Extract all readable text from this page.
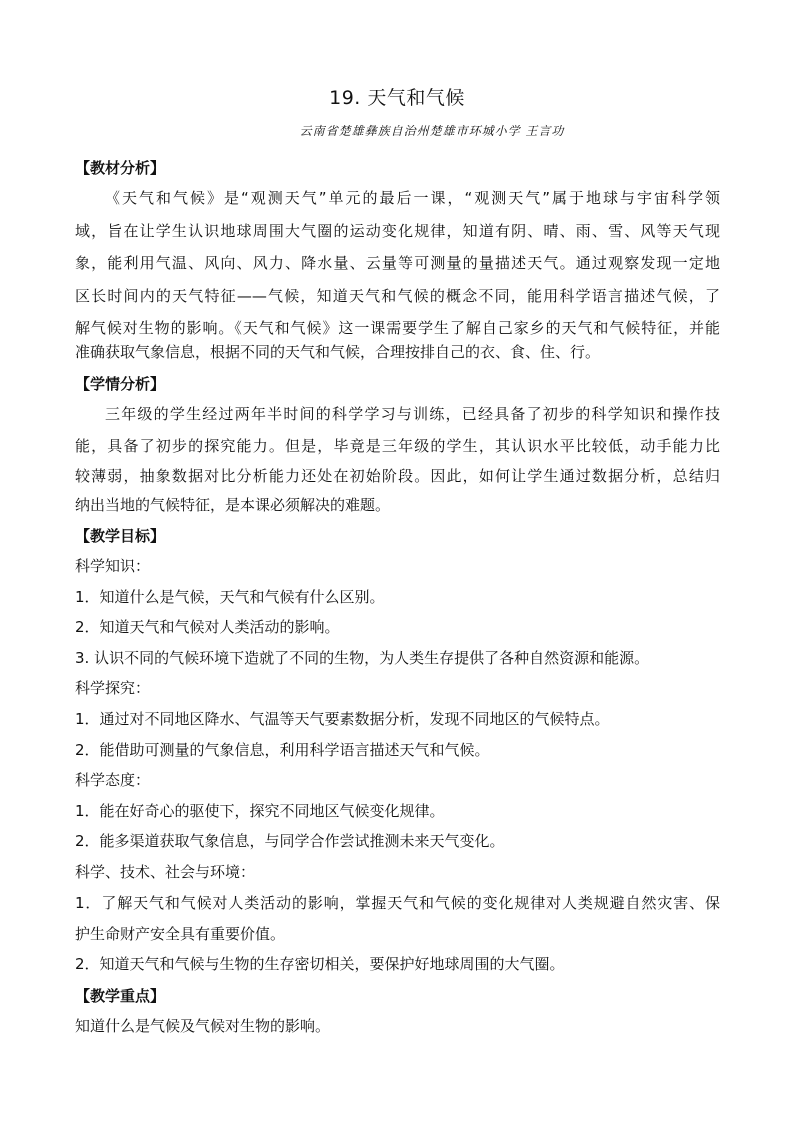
19. 天气和气候
云南省楚雄彝族自治州楚雄市环城小学 王言功
【教材分析】
《天气和气候》是“观测天气”单元的最后一课，“观测天气”属于地球与宇宙科学领
域，旨在让学生认识地球周围大气圈的运动变化规律，知道有阴、晴、雨、雪、风等天气现
象，能利用气温、风向、风力、降水量、云量等可测量的量描述天气。通过观察发现一定地
区长时间内的天气特征——气候，知道天气和气候的概念不同，能用科学语言描述气候，了
解气候对生物的影响。《天气和气候》这一课需要学生了解自己家乡的天气和气候特征，并能
准确获取气象信息，根据不同的天气和气候，合理按排自己的衣、食、住、行。
【学情分析】
三年级的学生经过两年半时间的科学学习与训练，已经具备了初步的科学知识和操作技
能，具备了初步的探究能力。但是，毕竟是三年级的学生，其认识水平比较低，动手能力比
较薄弱，抽象数据对比分析能力还处在初始阶段。因此，如何让学生通过数据分析，总结归
纳出当地的气候特征，是本课必须解决的难题。
【教学目标】
科学知识：
1．知道什么是气候，天气和气候有什么区别。
2．知道天气和气候对人类活动的影响。
3. 认识不同的气候环境下造就了不同的生物，为人类生存提供了各种自然资源和能源。
科学探究：
1．通过对不同地区降水、气温等天气要素数据分析，发现不同地区的气候特点。
2．能借助可测量的气象信息，利用科学语言描述天气和气候。
科学态度：
1．能在好奇心的驱使下，探究不同地区气候变化规律。
2．能多渠道获取气象信息，与同学合作尝试推测未来天气变化。
科学、技术、社会与环境：
1．了解天气和气候对人类活动的影响，掌握天气和气候的变化规律对人类规避自然灾害、保
护生命财产安全具有重要价值。
2．知道天气和气候与生物的生存密切相关，要保护好地球周围的大气圈。
【教学重点】
知道什么是气候及气候对生物的影响。
